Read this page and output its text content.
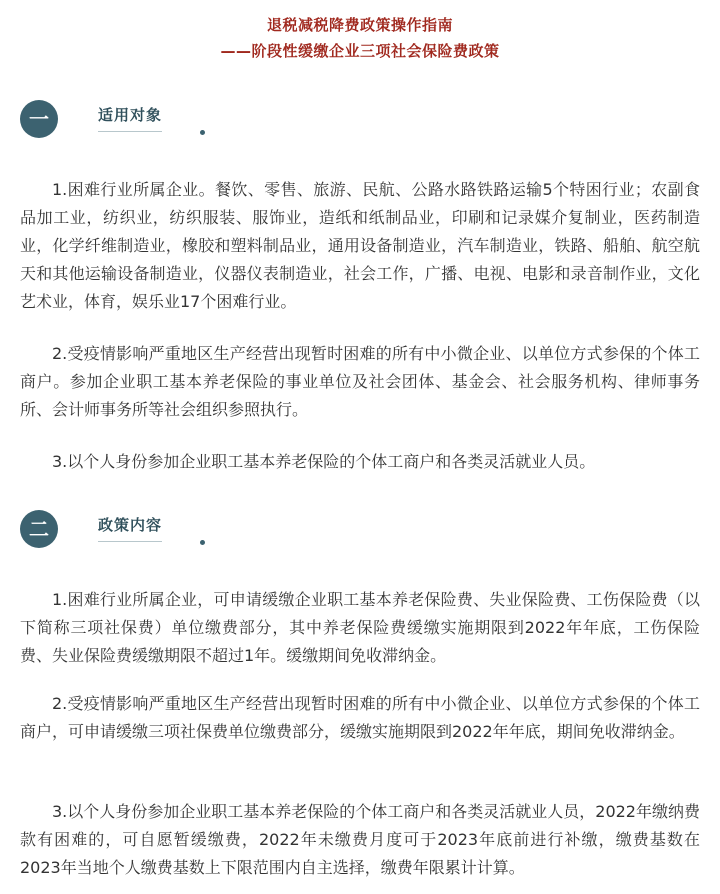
退税减税降费政策操作指南
——阶段性缓缴企业三项社会保险费政策
一	适用对象

1.困难行业所属企业。餐饮、零售、旅游、民航、公路水路铁路运输5个特困行业；农副食品加工业，纺织业，纺织服装、服饰业，造纸和纸制品业，印刷和记录媒介复制业，医药制造业，化学纤维制造业，橡胶和塑料制品业，通用设备制造业，汽车制造业，铁路、船舶、航空航天和其他运输设备制造业，仪器仪表制造业，社会工作，广播、电视、电影和录音制作业，文化艺术业，体育，娱乐业17个困难行业。

2.受疫情影响严重地区生产经营出现暂时困难的所有中小微企业、以单位方式参保的个体工商户。参加企业职工基本养老保险的事业单位及社会团体、基金会、社会服务机构、律师事务所、会计师事务所等社会组织参照执行。

3.以个人身份参加企业职工基本养老保险的个体工商户和各类灵活就业人员。

二	政策内容

1.困难行业所属企业，可申请缓缴企业职工基本养老保险费、失业保险费、工伤保险费（以下简称三项社保费）单位缴费部分，其中养老保险费缓缴实施期限到2022年年底，工伤保险费、失业保险费缓缴期限不超过1年。缓缴期间免收滞纳金。

2.受疫情影响严重地区生产经营出现暂时困难的所有中小微企业、以单位方式参保的个体工商户，可申请缓缴三项社保费单位缴费部分，缓缴实施期限到2022年年底，期间免收滞纳金。

3.以个人身份参加企业职工基本养老保险的个体工商户和各类灵活就业人员，2022年缴纳费款有困难的，可自愿暂缓缴费，2022年未缴费月度可于2023年底前进行补缴，缴费基数在2023年当地个人缴费基数上下限范围内自主选择，缴费年限累计计算。
